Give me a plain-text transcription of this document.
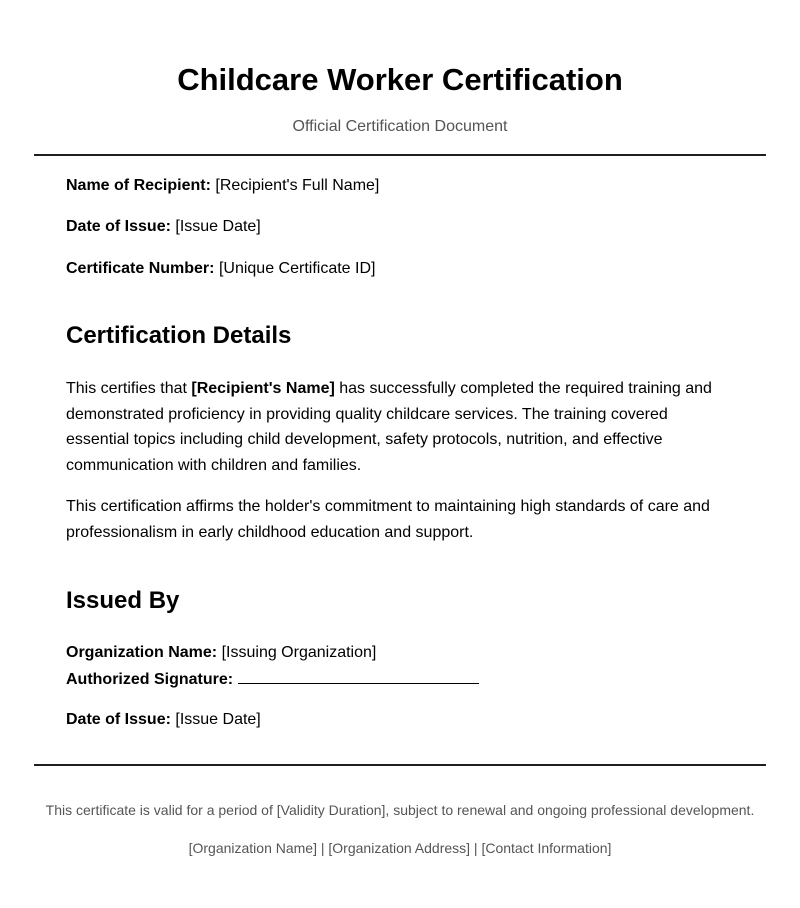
Childcare Worker Certification

Official Certification Document

Name of Recipient: [Recipient's Full Name]
Date of Issue: [Issue Date]
Certificate Number: [Unique Certificate ID]
Certification Details

This certifies that [Recipient's Name] has successfully completed the required training and demonstrated proficiency in providing quality childcare services. The training covered essential topics including child development, safety protocols, nutrition, and effective communication with children and families.

This certification affirms the holder's commitment to maintaining high standards of care and professionalism in early childhood education and support.

Issued By
Organization Name: [Issuing Organization]
Authorized Signature:
Date of Issue: [Issue Date]
This certificate is valid for a period of [Validity Duration], subject to renewal and ongoing professional development.
[Organization Name] | [Organization Address] | [Contact Information]
